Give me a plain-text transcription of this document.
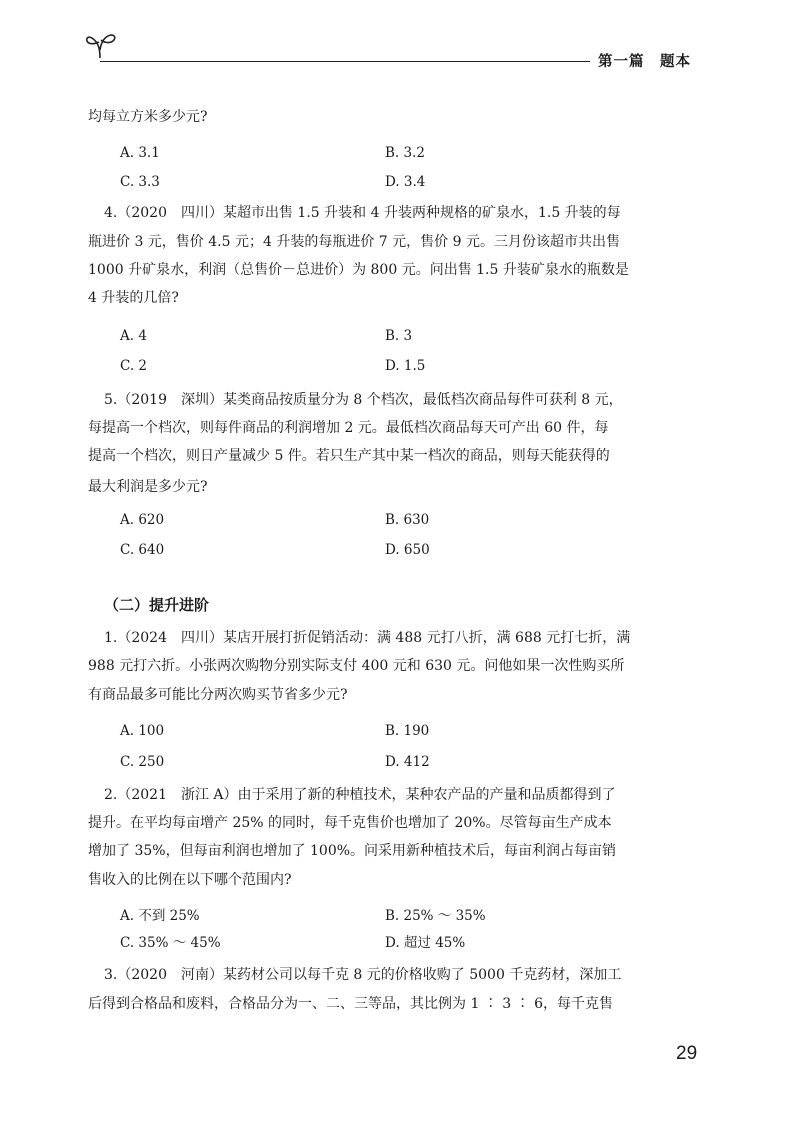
第一篇　题本
均每立方米多少元?
A. 3.1	B. 3.2
C. 3.3	D. 3.4
4.（2020　四川）某超市出售 1.5 升装和 4 升装两种规格的矿泉水，1.5 升装的每
瓶进价 3 元，售价 4.5 元；4 升装的每瓶进价 7 元，售价 9 元。三月份该超市共出售
1000 升矿泉水，利润（总售价－总进价）为 800 元。问出售 1.5 升装矿泉水的瓶数是
4 升装的几倍?
A. 4	B. 3
C. 2	D. 1.5
5.（2019　深圳）某类商品按质量分为 8 个档次，最低档次商品每件可获利 8 元，
每提高一个档次，则每件商品的利润增加 2 元。最低档次商品每天可产出 60 件，每
提高一个档次，则日产量减少 5 件。若只生产其中某一档次的商品，则每天能获得的
最大利润是多少元?
A. 620	B. 630
C. 640	D. 650
（二）提升进阶
1.（2024　四川）某店开展打折促销活动：满 488 元打八折，满 688 元打七折，满
988 元打六折。小张两次购物分别实际支付 400 元和 630 元。问他如果一次性购买所
有商品最多可能比分两次购买节省多少元?
A. 100	B. 190
C. 250	D. 412
2.（2021　浙江 A）由于采用了新的种植技术，某种农产品的产量和品质都得到了
提升。在平均每亩增产 25% 的同时，每千克售价也增加了 20%。尽管每亩生产成本
增加了 35%，但每亩利润也增加了 100%。问采用新种植技术后，每亩利润占每亩销
售收入的比例在以下哪个范围内?
A. 不到 25%	B. 25% ～ 35%
C. 35% ～ 45%	D. 超过 45%
3.（2020　河南）某药材公司以每千克 8 元的价格收购了 5000 千克药材，深加工
后得到合格品和废料，合格品分为一、二、三等品，其比例为 1 ∶ 3 ∶ 6，每千克售
29
